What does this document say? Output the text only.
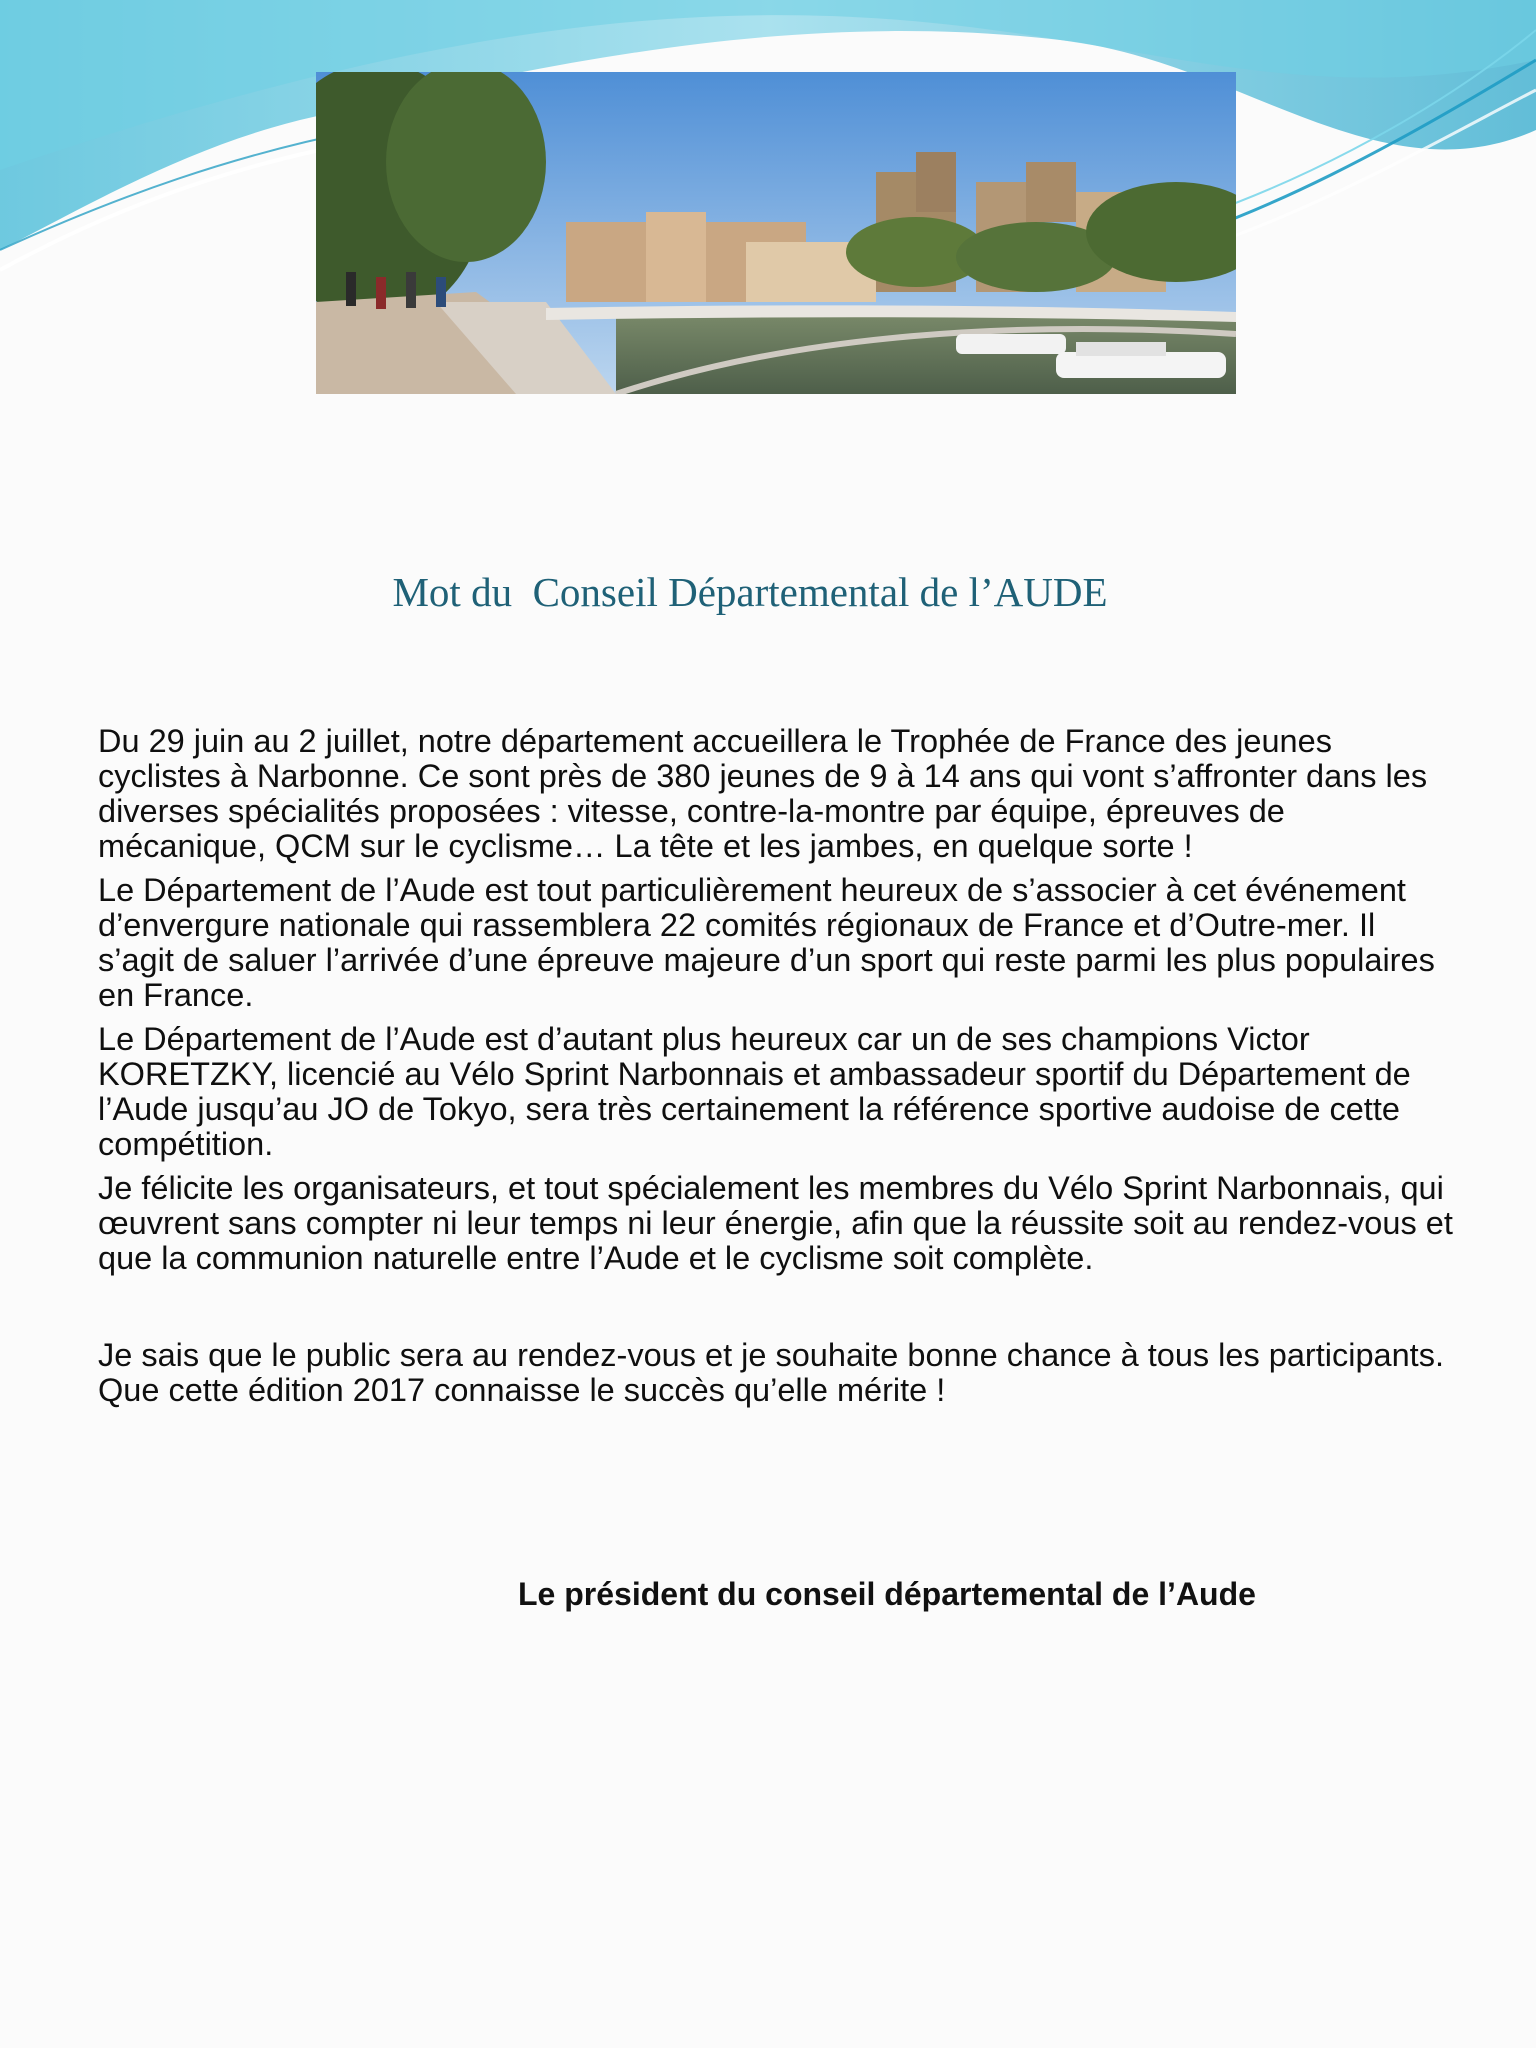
Mot du  Conseil Départemental de l’AUDE

Du 29 juin au 2 juillet, notre département accueillera le Trophée de France des jeunes cyclistes à Narbonne. Ce sont près de 380 jeunes de 9 à 14 ans qui vont s’affronter dans les diverses spécialités proposées : vitesse, contre-la-montre par équipe, épreuves de mécanique, QCM sur le cyclisme… La tête et les jambes, en quelque sorte !

Le Département de l’Aude est tout particulièrement heureux de s’associer à cet événement d’envergure nationale qui rassemblera 22 comités régionaux de France et d’Outre-mer. Il s’agit de saluer l’arrivée d’une épreuve majeure d’un sport qui reste parmi les plus populaires en France.

Le Département de l’Aude est d’autant plus heureux car un de ses champions Victor KORETZKY, licencié au Vélo Sprint Narbonnais et ambassadeur sportif du Département de l’Aude jusqu’au JO de Tokyo, sera très certainement la référence sportive audoise de cette compétition.

Je félicite les organisateurs, et tout spécialement les membres du Vélo Sprint Narbonnais, qui œuvrent sans compter ni leur temps ni leur énergie, afin que la réussite soit au rendez-vous et que la communion naturelle entre l’Aude et le cyclisme soit complète.

Je sais que le public sera au rendez-vous et je souhaite bonne chance à tous les participants. Que cette édition 2017 connaisse le succès qu’elle mérite !

Le président du conseil départemental de l’Aude
